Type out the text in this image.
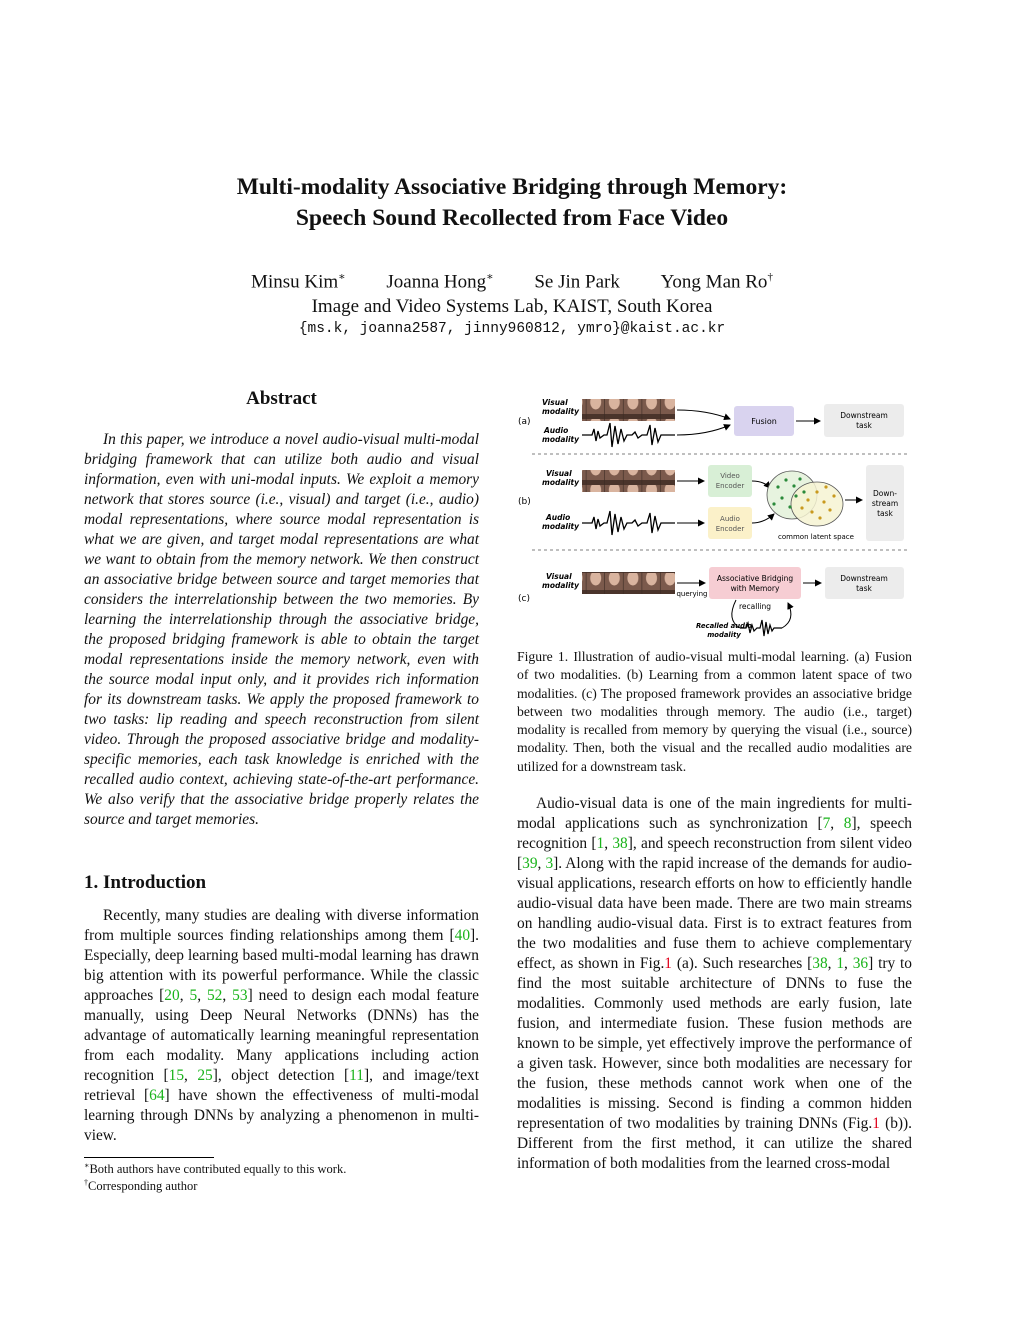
Multi-modality Associative Bridging through Memory:
Speech Sound Recollected from Face Video
Minsu Kim∗ Joanna Hong∗ Se Jin Park Yong Man Ro†
Image and Video Systems Lab, KAIST, South Korea
{ms.k, joanna2587, jinny960812, ymro}@kaist.ac.kr
Abstract
In this paper, we introduce a novel audio-visual multi-modal bridging framework that can utilize both audio and visual information, even with uni-modal inputs. We exploit a memory network that stores source (i.e., visual) and target (i.e., audio) modal representations, where source modal representation is what we are given, and target modal representations are what we want to obtain from the memory network. We then construct an associative bridge between source and target memories that considers the interrelationship between the two memories. By learning the interrelationship through the associative bridge, the proposed bridging framework is able to obtain the target modal representations inside the memory network, even with the source modal input only, and it provides rich information for its downstream tasks. We apply the proposed framework to two tasks: lip reading and speech reconstruction from silent video. Through the proposed associative bridge and modality-specific memories, each task knowledge is enriched with the recalled audio context, achieving state-of-the-art performance. We also verify that the associative bridge properly relates the source and target memories.
1. Introduction
Recently, many studies are dealing with diverse information from multiple sources finding relationships among them [40]. Especially, deep learning based multi-modal learning has drawn big attention with its powerful performance. While the classic approaches [20, 5, 52, 53] need to design each modal feature manually, using Deep Neural Networks (DNNs) has the advantage of automatically learning meaningful representation from each modality. Many applications including action recognition [15, 25], object detection [11], and image/text retrieval [64] have shown the effectiveness of multi-modal learning through DNNs by analyzing a phenomenon in multi-view.
∗Both authors have contributed equally to this work.
†Corresponding author
Visual
modality
(a)
Audio
modality
Fusion
Downstream
task
Visual
modality
(b)
Audio
modality
Video
Encoder
Audio
Encoder
common latent space
Down-
stream
task
Visual
modality
(c)	querying
Associative Bridging
with Memory
Downstream
task
recalling
Recalled audio
modality
Figure 1. Illustration of audio-visual multi-modal learning. (a) Fusion of two modalities. (b) Learning from a common latent space of two modalities. (c) The proposed framework provides an associative bridge between two modalities through memory. The audio (i.e., target) modality is recalled from memory by querying the visual (i.e., source) modality. Then, both the visual and the recalled audio modalities are utilized for a downstream task.
Audio-visual data is one of the main ingredients for multi-modal applications such as synchronization [7, 8], speech recognition [1, 38], and speech reconstruction from silent video [39, 3]. Along with the rapid increase of the demands for audio-visual applications, research efforts on how to efficiently handle audio-visual data have been made. There are two main streams on handling audio-visual data. First is to extract features from the two modalities and fuse them to achieve complementary effect, as shown in Fig.1 (a). Such researches [38, 1, 36] try to find the most suitable architecture of DNNs to fuse the modalities. Commonly used methods are early fusion, late fusion, and intermediate fusion. These fusion methods are known to be simple, yet effectively improve the performance of a given task. However, since both modalities are necessary for the fusion, these methods cannot work when one of the modalities is missing. Second is finding a common hidden representation of two modalities by training DNNs (Fig.1 (b)). Different from the first method, it can utilize the shared information of both modalities from the learned cross-modal
